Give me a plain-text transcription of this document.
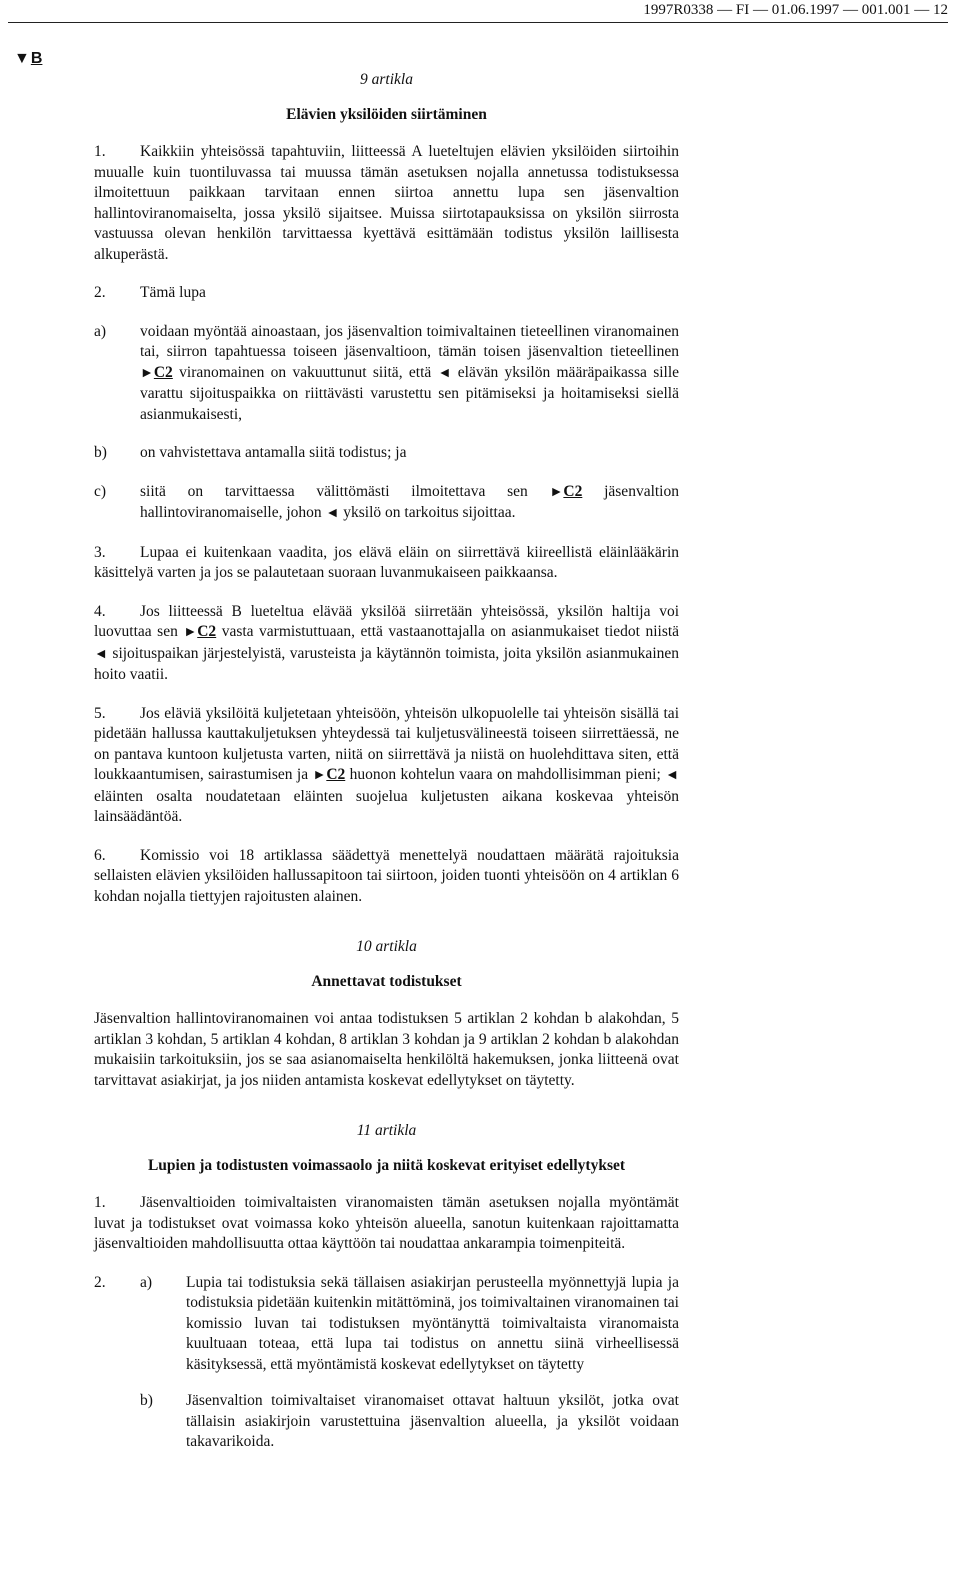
1997R0338 — FI — 01.06.1997 — 001.001 — 12
▼B
9 artikla
Elävien yksilöiden siirtäminen

1. Kaikkiin yhteisössä tapahtuviin, liitteessä A lueteltujen elävien yksilöiden siirtoihin muualle kuin tuontiluvassa tai muussa tämän asetuksen nojalla annetussa todistuksessa ilmoitettuun paikkaan tarvitaan ennen siirtoa annettu lupa sen jäsenvaltion hallintoviranomaiselta, jossa yksilö sijaitsee. Muissa siirtotapauksissa on yksilön siirrosta vastuussa olevan henkilön tarvittaessa kyettävä esittämään todistus yksilön laillisesta alkuperästä.

2. Tämä lupa

a)	voidaan myöntää ainoastaan, jos jäsenvaltion toimivaltainen tieteellinen viranomainen tai, siirron tapahtuessa toiseen jäsenvaltioon, tämän toisen jäsenvaltion tieteellinen ►C2 viranomainen on vakuuttunut siitä, että ◄ elävän yksilön määräpaikassa sille varattu sijoituspaikka on riittävästi varustettu sen pitämiseksi ja hoitamiseksi siellä asianmukaisesti,
b)	on vahvistettava antamalla siitä todistus; ja
c)	siitä on tarvittaessa välittömästi ilmoitettava sen ►C2 jäsenvaltion hallintoviranomaiselle, johon ◄ yksilö on tarkoitus sijoittaa.

3. Lupaa ei kuitenkaan vaadita, jos elävä eläin on siirrettävä kiireellistä eläinlääkärin käsittelyä varten ja jos se palautetaan suoraan luvanmukaiseen paikkaansa.

4. Jos liitteessä B lueteltua elävää yksilöä siirretään yhteisössä, yksilön haltija voi luovuttaa sen ►C2 vasta varmistuttuaan, että vastaanottajalla on asianmukaiset tiedot niistä ◄ sijoituspaikan järjestelyistä, varusteista ja käytännön toimista, joita yksilön asianmukainen hoito vaatii.

5. Jos eläviä yksilöitä kuljetetaan yhteisöön, yhteisön ulkopuolelle tai yhteisön sisällä tai pidetään hallussa kauttakuljetuksen yhteydessä tai kuljetusvälineestä toiseen siirrettäessä, ne on pantava kuntoon kuljetusta varten, niitä on siirrettävä ja niistä on huolehdittava siten, että loukkaantumisen, sairastumisen ja ►C2 huonon kohtelun vaara on mahdollisimman pieni; ◄ eläinten osalta noudatetaan eläinten suojelua kuljetusten aikana koskevaa yhteisön lainsäädäntöä.

6. Komissio voi 18 artiklassa säädettyä menettelyä noudattaen määrätä rajoituksia sellaisten elävien yksilöiden hallussapitoon tai siirtoon, joiden tuonti yhteisöön on 4 artiklan 6 kohdan nojalla tiettyjen rajoitusten alainen.

10 artikla
Annettavat todistukset

Jäsenvaltion hallintoviranomainen voi antaa todistuksen 5 artiklan 2 kohdan b alakohdan, 5 artiklan 3 kohdan, 5 artiklan 4 kohdan, 8 artiklan 3 kohdan ja 9 artiklan 2 kohdan b alakohdan mukaisiin tarkoituksiin, jos se saa asianomaiselta henkilöltä hakemuksen, jonka liitteenä ovat tarvittavat asiakirjat, ja jos niiden antamista koskevat edellytykset on täytetty.

11 artikla
Lupien ja todistusten voimassaolo ja niitä koskevat erityiset edellytykset

1. Jäsenvaltioiden toimivaltaisten viranomaisten tämän asetuksen nojalla myöntämät luvat ja todistukset ovat voimassa koko yhteisön alueella, sanotun kuitenkaan rajoittamatta jäsenvaltioiden mahdollisuutta ottaa käyttöön tai noudattaa ankarampia toimenpiteitä.

2.	a)	Lupia tai todistuksia sekä tällaisen asiakirjan perusteella myönnettyjä lupia ja todistuksia pidetään kuitenkin mitättöminä, jos toimivaltainen viranomainen tai komissio luvan tai todistuksen myöntänyttä toimivaltaista viranomaista kuultuaan toteaa, että lupa tai todistus on annettu siinä virheellisessä käsityksessä, että myöntämistä koskevat edellytykset on täytetty
b)	Jäsenvaltion toimivaltaiset viranomaiset ottavat haltuun yksilöt, jotka ovat tällaisin asiakirjoin varustettuina jäsenvaltion alueella, ja yksilöt voidaan takavarikoida.
